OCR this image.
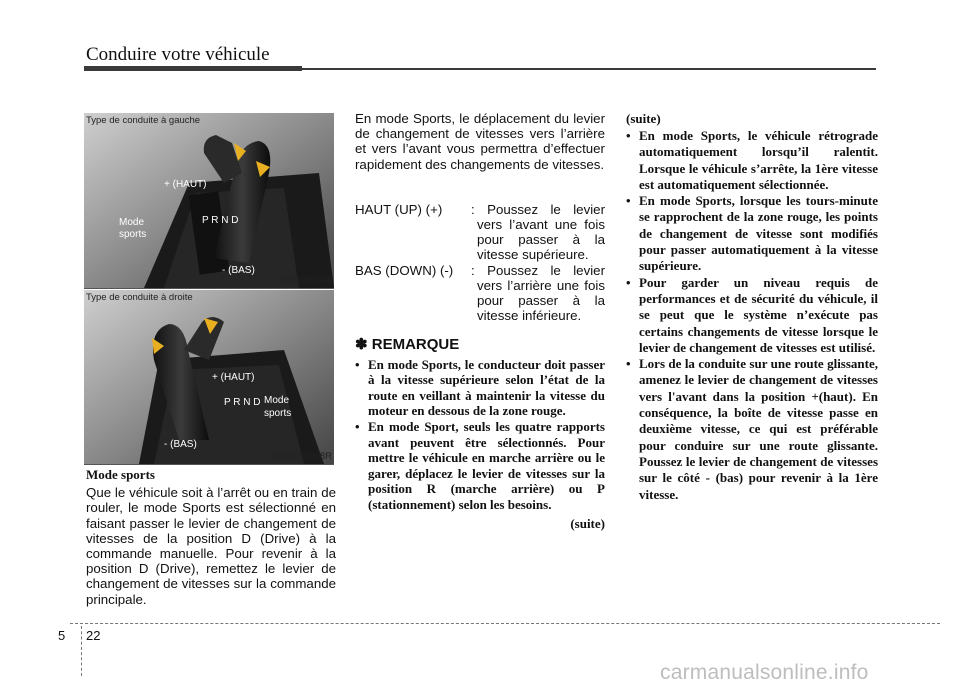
Conduire votre véhicule
+ (HAUT)
Mode
sports
- (BAS)
P R N D
Type de conduite à gauche
ORB050008
+ (HAUT)
Mode
sports
- (BAS)
P R N D
Type de conduite à droite
ORB050008R
Mode sports
Que le véhicule soit à l’arrêt ou en train de rouler, le mode Sports est sélectionné en faisant passer le levier de changement de vitesses de la position D (Drive) à la commande manuelle. Pour revenir à la position D (Drive), remettez le levier de changement de vitesses sur la commande principale.
En mode Sports, le déplacement du levier de changement de vitesses vers l’arrière et vers l’avant vous permettra d’effectuer rapidement des changements de vitesses.
HAUT (UP) (+)	: Poussez le levier vers l’avant une fois pour passer à la vitesse supérieure.
BAS (DOWN) (-)	: Poussez le levier vers l’arrière une fois pour passer à la vitesse inférieure.
✽ REMARQUE
• En mode Sports, le conducteur doit passer à la vitesse supérieure selon l’état de la route en veillant à maintenir la vitesse du moteur en dessous de la zone rouge.
• En mode Sport, seuls les quatre rapports avant peuvent être sélectionnés. Pour mettre le véhicule en marche arrière ou le garer, déplacez le levier de vitesses sur la position R (marche arrière) ou P (stationnement) selon les besoins.
(suite)
(suite)
• En mode Sports, le véhicule rétrograde automatiquement lorsqu’il ralentit. Lorsque le véhicule s’arrête, la 1ère vitesse est automatiquement sélectionnée.
• En mode Sports, lorsque les tours-minute se rapprochent de la zone rouge, les points de changement de vitesse sont modifiés pour passer automatiquement à la vitesse supérieure.
• Pour garder un niveau requis de performances et de sécurité du véhicule, il se peut que le système n’exécute pas certains changements de vitesse lorsque le levier de changement de vitesses est utilisé.
• Lors de la conduite sur une route glissante, amenez le levier de changement de vitesses vers l'avant dans la position +(haut). En conséquence, la boîte de vitesse passe en deuxième vitesse, ce qui est préférable pour conduire sur une route glissante. Poussez le levier de changement de vitesses sur le côté - (bas) pour revenir à la 1ère vitesse.
5 22
carmanualsonline.info
